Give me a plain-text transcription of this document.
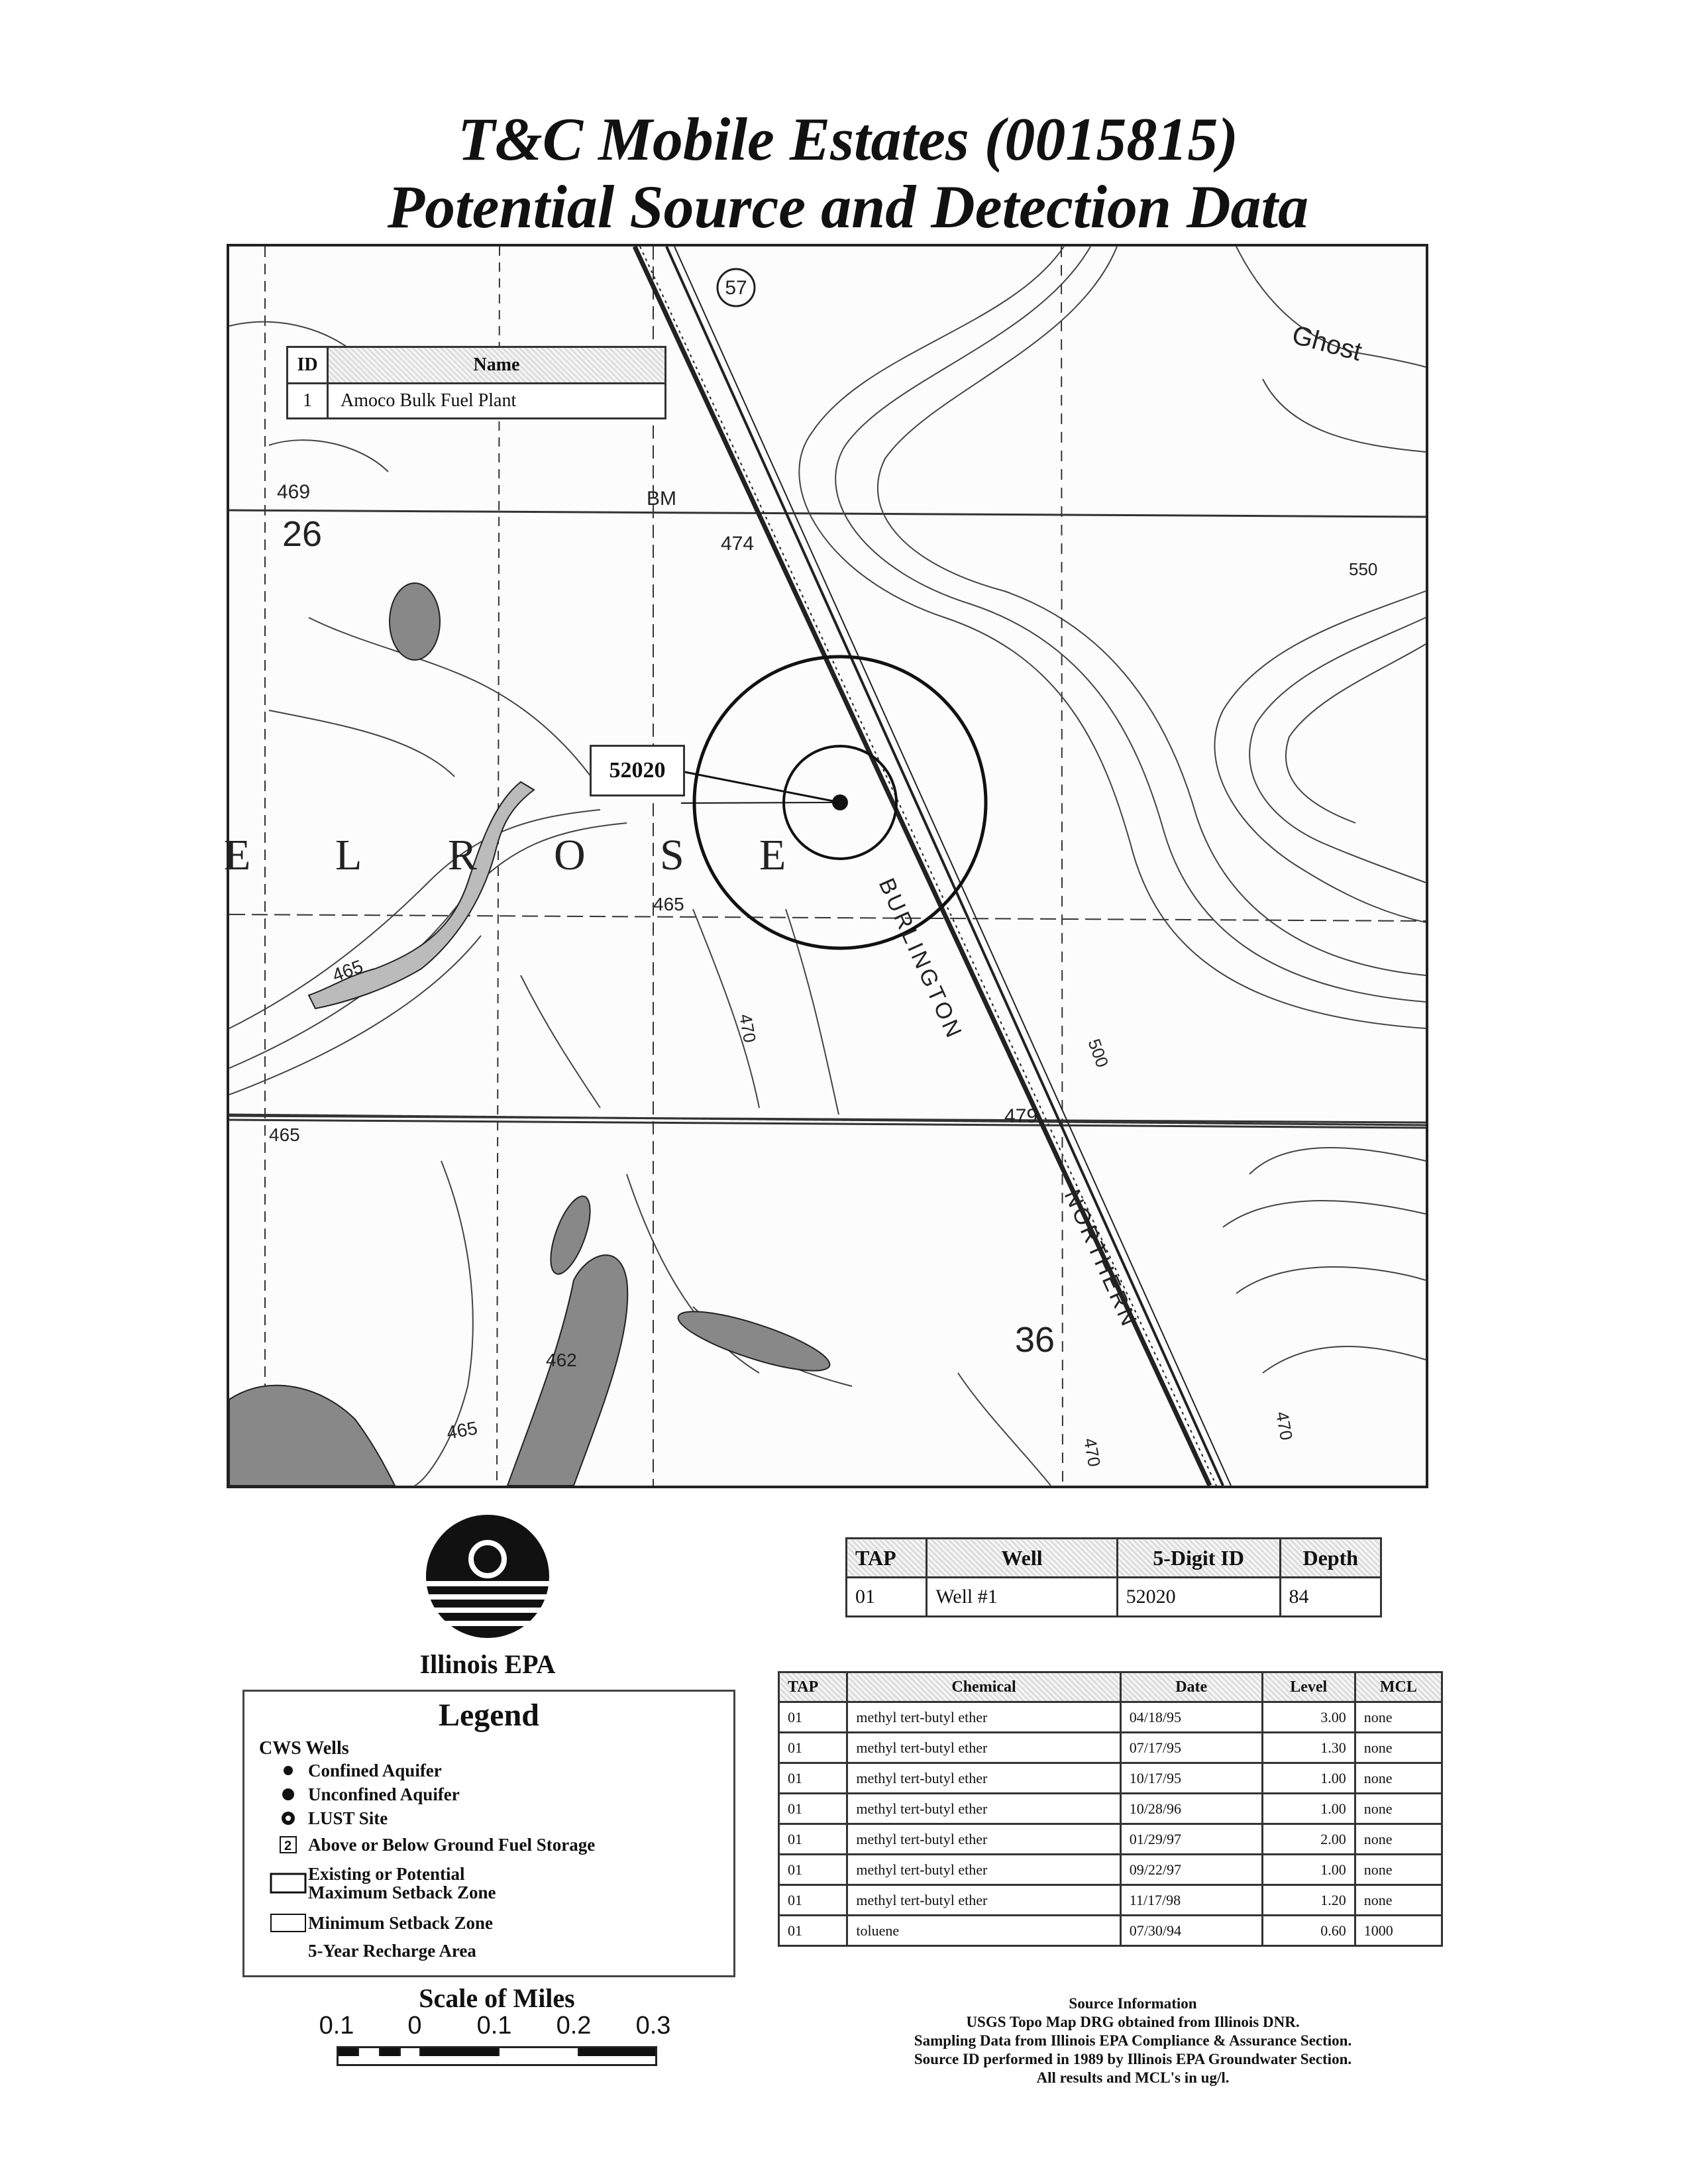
T&C Mobile Estates (0015815)
Potential Source and Detection Data
57
26
36
469
474
465
465
465
479
470
500
550
470
465
462
470
BM
E L R O S E
Ghost
BURLINGTON
NORTHERN
ID	Name
1	Amoco Bulk Fuel Plant
52020
Illinois EPA
Legend
CWS Wells
Confined Aquifer
Unconfined Aquifer
LUST Site
2 Above or Below Ground Fuel Storage
Existing or Potential Maximum Setback Zone
Minimum Setback Zone
5-Year Recharge Area
Scale of Miles
0.1 0 0.1 0.2 0.3
TAP	Well	5-Digit ID	Depth
01	Well #1	52020	84
TAP	Chemical	Date	Level	MCL
01	methyl tert-butyl ether	04/18/95	3.00	none
01	methyl tert-butyl ether	07/17/95	1.30	none
01	methyl tert-butyl ether	10/17/95	1.00	none
01	methyl tert-butyl ether	10/28/96	1.00	none
01	methyl tert-butyl ether	01/29/97	2.00	none
01	methyl tert-butyl ether	09/22/97	1.00	none
01	methyl tert-butyl ether	11/17/98	1.20	none
01	toluene	07/30/94	0.60	1000
Source Information
USGS Topo Map DRG obtained from Illinois DNR.
Sampling Data from Illinois EPA Compliance & Assurance Section.
Source ID performed in 1989 by Illinois EPA Groundwater Section.
All results and MCL's in ug/l.
